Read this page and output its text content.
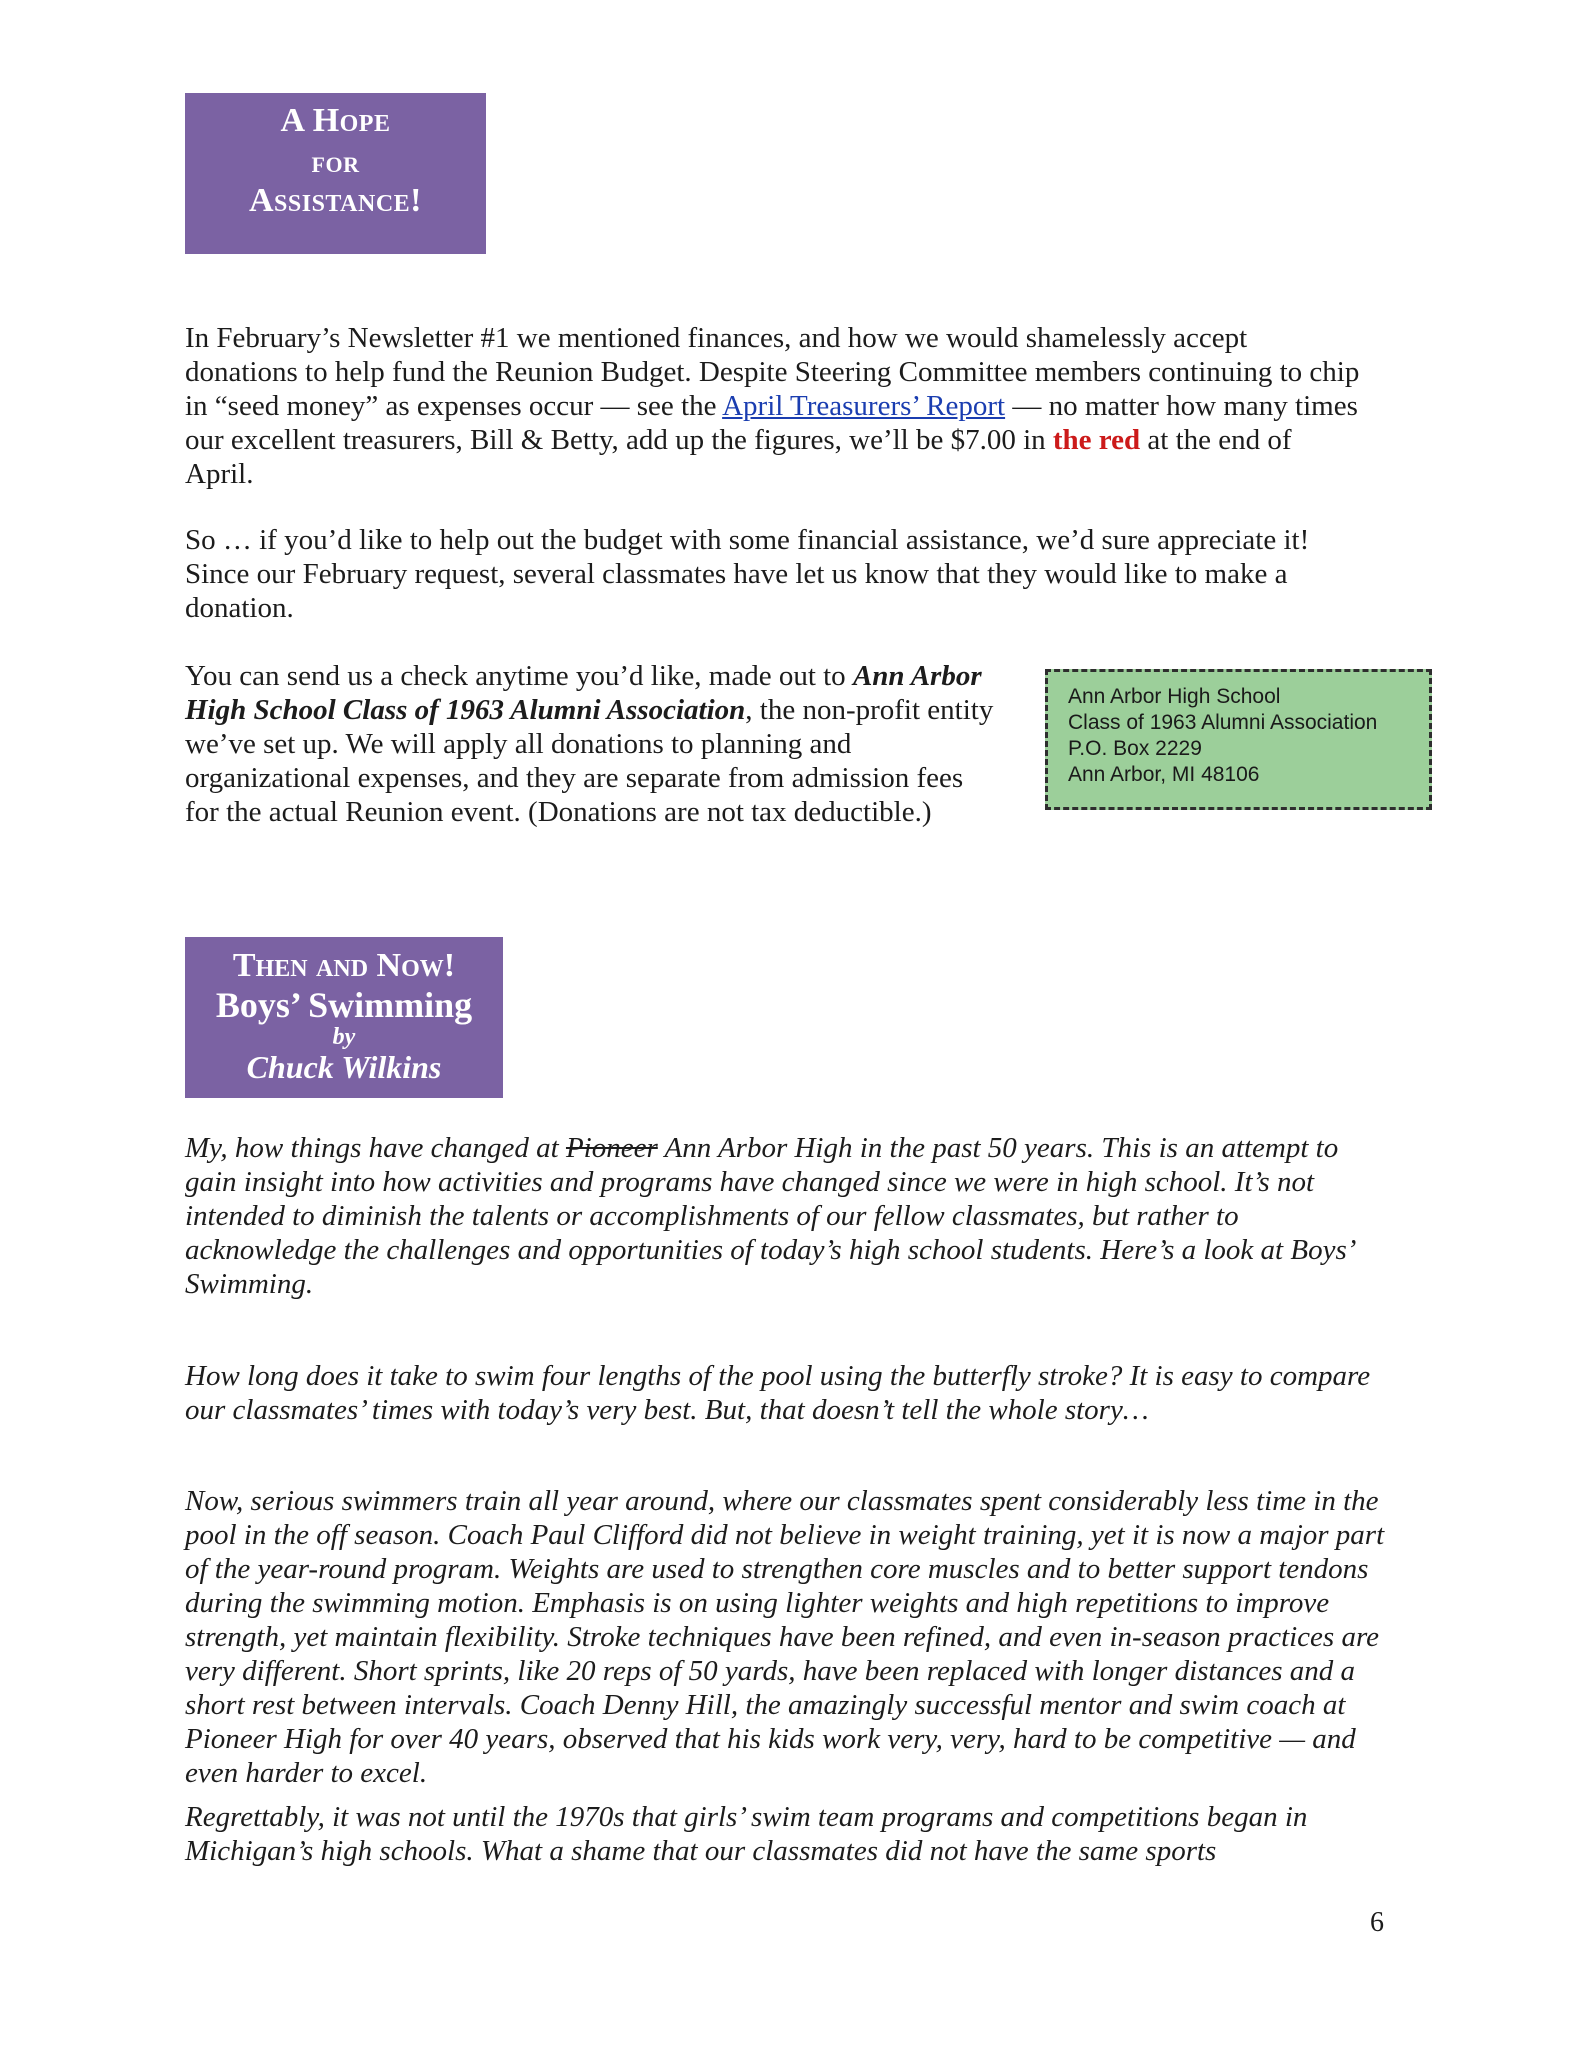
A Hope
for
Assistance!

In February’s Newsletter #1 we mentioned finances, and how we would shamelessly accept donations to help fund the Reunion Budget. Despite Steering Committee members continuing to chip in “seed money” as expenses occur — see the April Treasurers’ Report — no matter how many times our excellent treasurers, Bill & Betty, add up the figures, we’ll be $7.00 in the red at the end of April.

So … if you’d like to help out the budget with some financial assistance, we’d sure appreciate it! Since our February request, several classmates have let us know that they would like to make a donation.

You can send us a check anytime you’d like, made out to Ann Arbor High School Class of 1963 Alumni Association, the non-profit entity we’ve set up. We will apply all donations to planning and organizational expenses, and they are separate from admission fees for the actual Reunion event. (Donations are not tax deductible.)

Ann Arbor High School
Class of 1963 Alumni Association
P.O. Box 2229
Ann Arbor, MI 48106
Then and Now!
Boys’ Swimming
by
Chuck Wilkins

My, how things have changed at Pioneer Ann Arbor High in the past 50 years. This is an attempt to gain insight into how activities and programs have changed since we were in high school. It’s not intended to diminish the talents or accomplishments of our fellow classmates, but rather to acknowledge the challenges and opportunities of today’s high school students. Here’s a look at Boys’ Swimming.

How long does it take to swim four lengths of the pool using the butterfly stroke? It is easy to compare our classmates’ times with today’s very best. But, that doesn’t tell the whole story…

Now, serious swimmers train all year around, where our classmates spent considerably less time in the pool in the off season. Coach Paul Clifford did not believe in weight training, yet it is now a major part of the year-round program. Weights are used to strengthen core muscles and to better support tendons during the swimming motion. Emphasis is on using lighter weights and high repetitions to improve strength, yet maintain flexibility. Stroke techniques have been refined, and even in-season practices are very different. Short sprints, like 20 reps of 50 yards, have been replaced with longer distances and a short rest between intervals. Coach Denny Hill, the amazingly successful mentor and swim coach at Pioneer High for over 40 years, observed that his kids work very, very, hard to be competitive — and even harder to excel.

Regrettably, it was not until the 1970s that girls’ swim team programs and competitions began in Michigan’s high schools. What a shame that our classmates did not have the same sports

6
